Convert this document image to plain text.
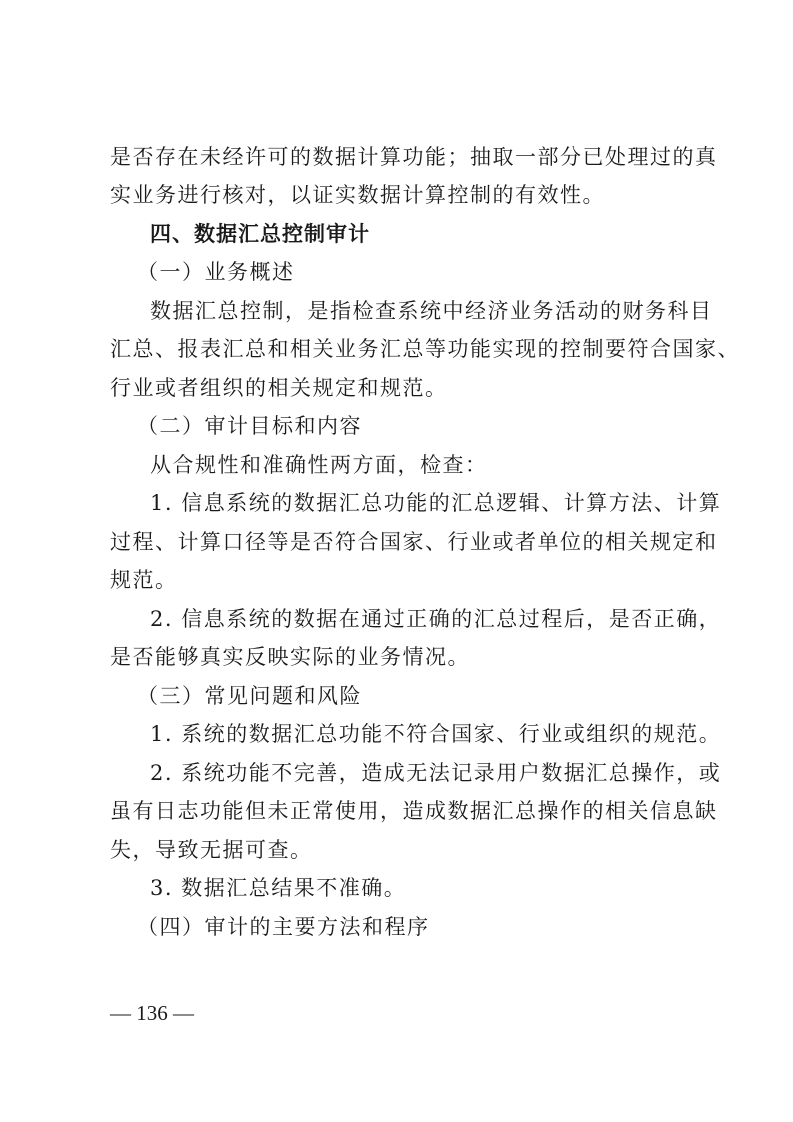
是否存在未经许可的数据计算功能；抽取一部分已处理过的真
实业务进行核对，以证实数据计算控制的有效性。
四、数据汇总控制审计
（一）业务概述
数据汇总控制，是指检查系统中经济业务活动的财务科目
汇总、报表汇总和相关业务汇总等功能实现的控制要符合国家、
行业或者组织的相关规定和规范。
（二）审计目标和内容
从合规性和准确性两方面，检查：
1. 信息系统的数据汇总功能的汇总逻辑、计算方法、计算
过程、计算口径等是否符合国家、行业或者单位的相关规定和
规范。
2. 信息系统的数据在通过正确的汇总过程后，是否正确，
是否能够真实反映实际的业务情况。
（三）常见问题和风险
1. 系统的数据汇总功能不符合国家、行业或组织的规范。
2. 系统功能不完善，造成无法记录用户数据汇总操作，或
虽有日志功能但未正常使用，造成数据汇总操作的相关信息缺
失，导致无据可查。
3. 数据汇总结果不准确。
（四）审计的主要方法和程序
— 136 —
